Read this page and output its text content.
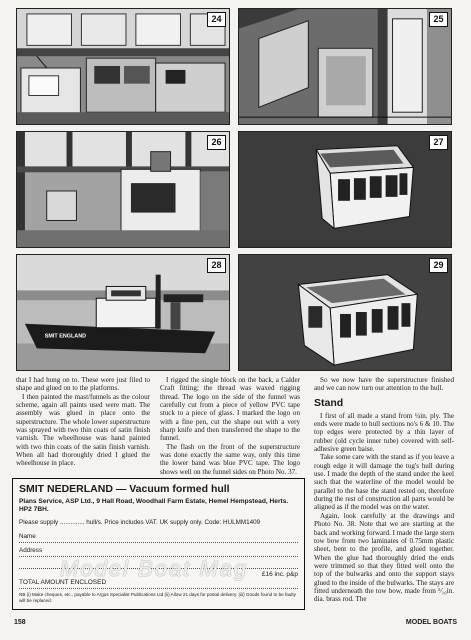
24	25
26	27
SMIT ENGLAND
28	29

that I had hung on to. These were just filed to shape and glued on to the platforms.

I then painted the mast/funnels as the colour scheme, again all paints used were matt. The assembly was glued in place onto the superstructure. The whole lower superstructure was sprayed with two thin coats of satin finish varnish. The wheelhouse was hand painted with two thin coats of the satin finish varnish. When all had thoroughly dried I glued the wheelhouse in place.

I rigged the single block on the back, a Calder Craft fitting; the thread was waxed rigging thread. The logo on the side of the funnel was carefully cut from a piece of yellow PVC tape stuck to a piece of glass. I marked the logo on with a fine pen, cut the shape out with a very sharp knife and then transferred the shape to the funnel.

The flash on the front of the superstructure was done exactly the same way, only this time the lower band was blue PVC tape. The logo shows well on the funnel sides on Photo No. 37.

So we now have the superstructure finished and we can now turn our attention to the hull.

Stand

I first of all made a stand from ¼in. ply. The ends were made to hull sections no's 6 & 10. The top edges were protected by a thin layer of rubber (old cycle inner tube) covered with self-adhesive green baise.

Take some care with the stand as if you leave a rough edge it will damage the tug's hull during use. I made the depth of the stand under the keel such that the waterline of the model would be parallel to the base the stand rested on, therefore during the rest of construction all parts would be aligned as if the model was on the water.

Again, look carefully at the drawings and Photo No. 38. Note that we are starting at the back and working forward. I made the large stern tow bow from two laminates of 0.75mm plastic sheet, bent to the profile, and glued together. When the glue had thoroughly dried the ends were trimmed so that they fitted well onto the top of the bulwarks and onto the support stays glued to the inside of the bulwarks. The stays are fitted underneath the tow bow, made from ⁵⁄₁₆in. dia. brass rod. The

SMIT NEDERLAND — Vacuum formed hull
Plans Service, ASP Ltd., 9 Hall Road, Woodhall Farm Estate, Hemel Hempstead, Herts. HP2 7BH.
Please supply .............. hull/s. Price includes VAT. UK supply only. Code: HULMM1409
Name
Address
£16 inc. p&p
TOTAL AMOUNT ENCLOSED
NB (i) Make cheques, etc., payable to Argus Specialist Publications Ltd (ii) Allow 21 days for postal delivery. (iii) Goods found to be faulty will be replaced.
Model Boat Mag
158	MODEL BOATS
